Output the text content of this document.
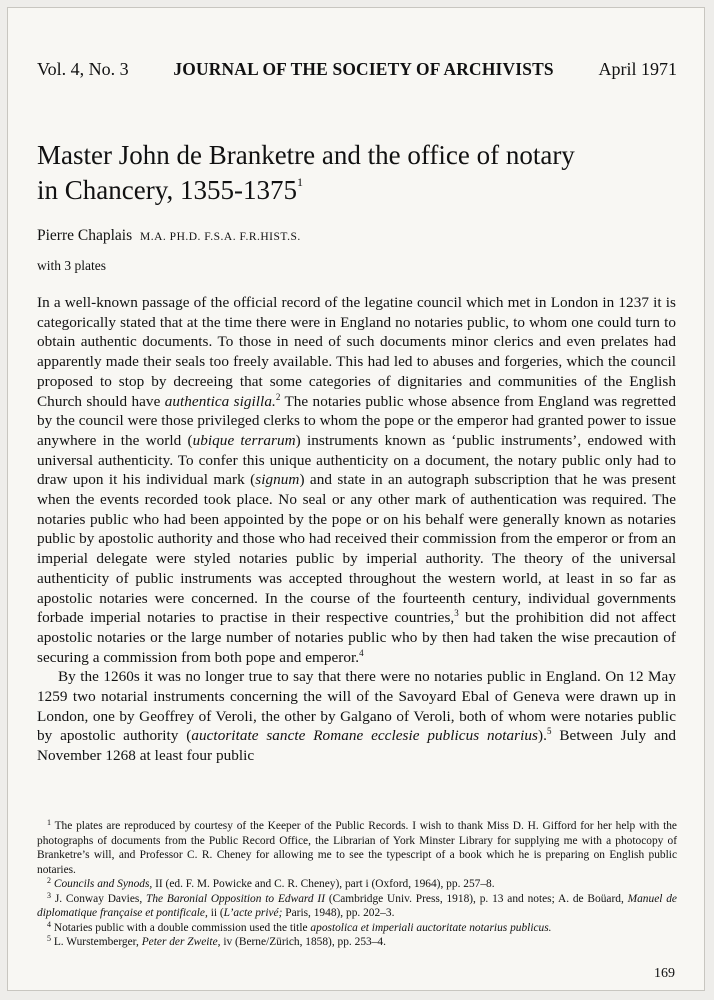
Vol. 4, No. 3	JOURNAL OF THE SOCIETY OF ARCHIVISTS April 1971
Master John de Branketre and the office of notary in Chancery, 1355-1375$^1$
Pierre Chaplais M.A. PH.D. F.S.A. F.R.HIST.S.
with 3 plates

In a well-known passage of the official record of the legatine council which met in London in 1237 it is categorically stated that at the time there were in England no notaries public, to whom one could turn to obtain authentic documents. To those in need of such documents minor clerics and even prelates had apparently made their seals too freely available. This had led to abuses and forgeries, which the council proposed to stop by decreeing that some categories of dignitaries and communities of the English Church should have authentica sigilla.$^2$ The notaries public whose absence from England was regretted by the council were those privileged clerks to whom the pope or the emperor had granted power to issue anywhere in the world (ubique terrarum) instruments known as ‘public instruments’, endowed with universal authenticity. To confer this unique authenticity on a document, the notary public only had to draw upon it his individual mark (signum) and state in an autograph subscription that he was present when the events recorded took place. No seal or any other mark of authentication was required. The notaries public who had been appointed by the pope or on his behalf were generally known as notaries public by apostolic authority and those who had received their commission from the emperor or from an imperial delegate were styled notaries public by imperial authority. The theory of the universal authenticity of public instruments was accepted throughout the western world, at least in so far as apostolic notaries were concerned. In the course of the fourteenth century, individual governments forbade imperial notaries to practise in their respective countries,$^3$ but the prohibition did not affect apostolic notaries or the large number of notaries public who by then had taken the wise precaution of securing a commission from both pope and emperor.$^4$

By the 1260s it was no longer true to say that there were no notaries public in England. On 12 May 1259 two notarial instruments concerning the will of the Savoyard Ebal of Geneva were drawn up in London, one by Geoffrey of Veroli, the other by Galgano of Veroli, both of whom were notaries public by apostolic authority (auctoritate sancte Romane ecclesie publicus notarius).$^5$ Between July and November 1268 at least four public

$^1$ The plates are reproduced by courtesy of the Keeper of the Public Records. I wish to thank Miss D. H. Gifford for her help with the photographs of documents from the Public Record Office, the Librarian of York Minster Library for supplying me with a photocopy of Branketre’s will, and Professor C. R. Cheney for allowing me to see the typescript of a book which he is preparing on English public notaries.

$^2$ Councils and Synods, II (ed. F. M. Powicke and C. R. Cheney), part i (Oxford, 1964), pp. 257–8.

$^3$ J. Conway Davies, The Baronial Opposition to Edward II (Cambridge Univ. Press, 1918), p. 13 and notes; A. de Boüard, Manuel de diplomatique française et pontificale, ii (L’acte privé; Paris, 1948), pp. 202–3.

$^4$ Notaries public with a double commission used the title apostolica et imperiali auctoritate notarius publicus.

$^5$ L. Wurstemberger, Peter der Zweite, iv (Berne/Zürich, 1858), pp. 253–4.

169
